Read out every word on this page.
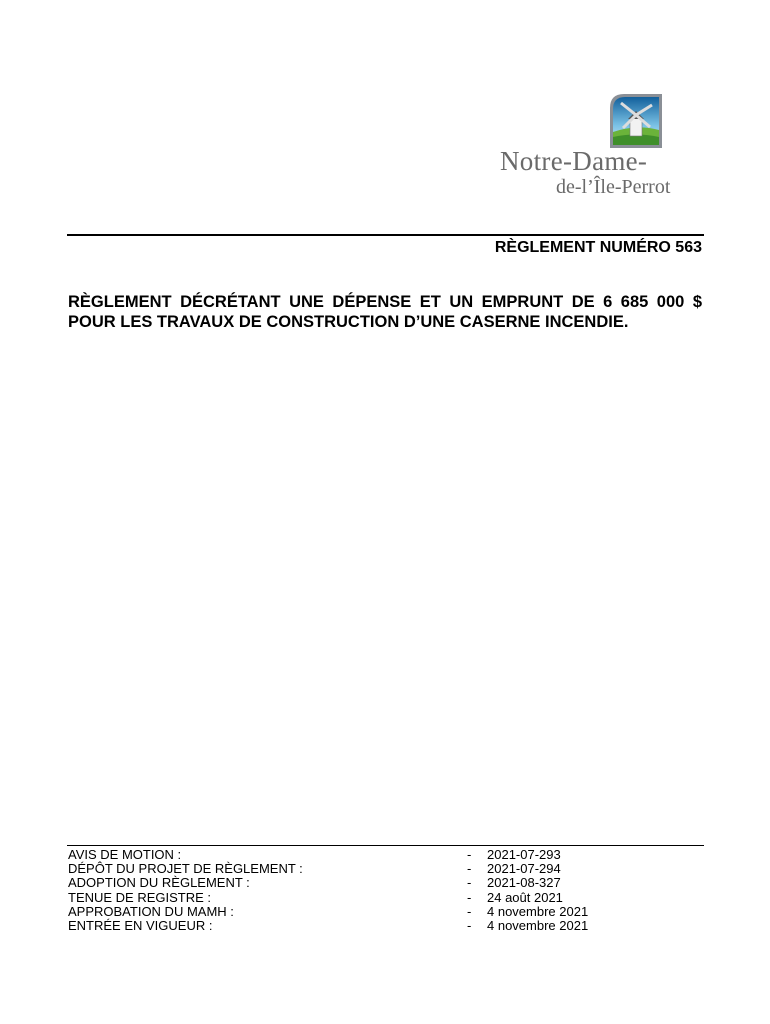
Notre-Dame-
de-l’Île-Perrot
RÈGLEMENT NUMÉRO 563
RÈGLEMENT DÉCRÉTANT UNE DÉPENSE ET UN EMPRUNT DE 6 685 000 $ POUR LES TRAVAUX DE CONSTRUCTION D’UNE CASERNE INCENDIE.
AVIS DE MOTION :	- 2021-07-293
DÉPÔT DU PROJET DE RÈGLEMENT :	- 2021-07-294
ADOPTION DU RÈGLEMENT :	- 2021-08-327
TENUE DE REGISTRE :	- 24 août 2021
APPROBATION DU MAMH :	- 4 novembre 2021
ENTRÉE EN VIGUEUR :	- 4 novembre 2021
